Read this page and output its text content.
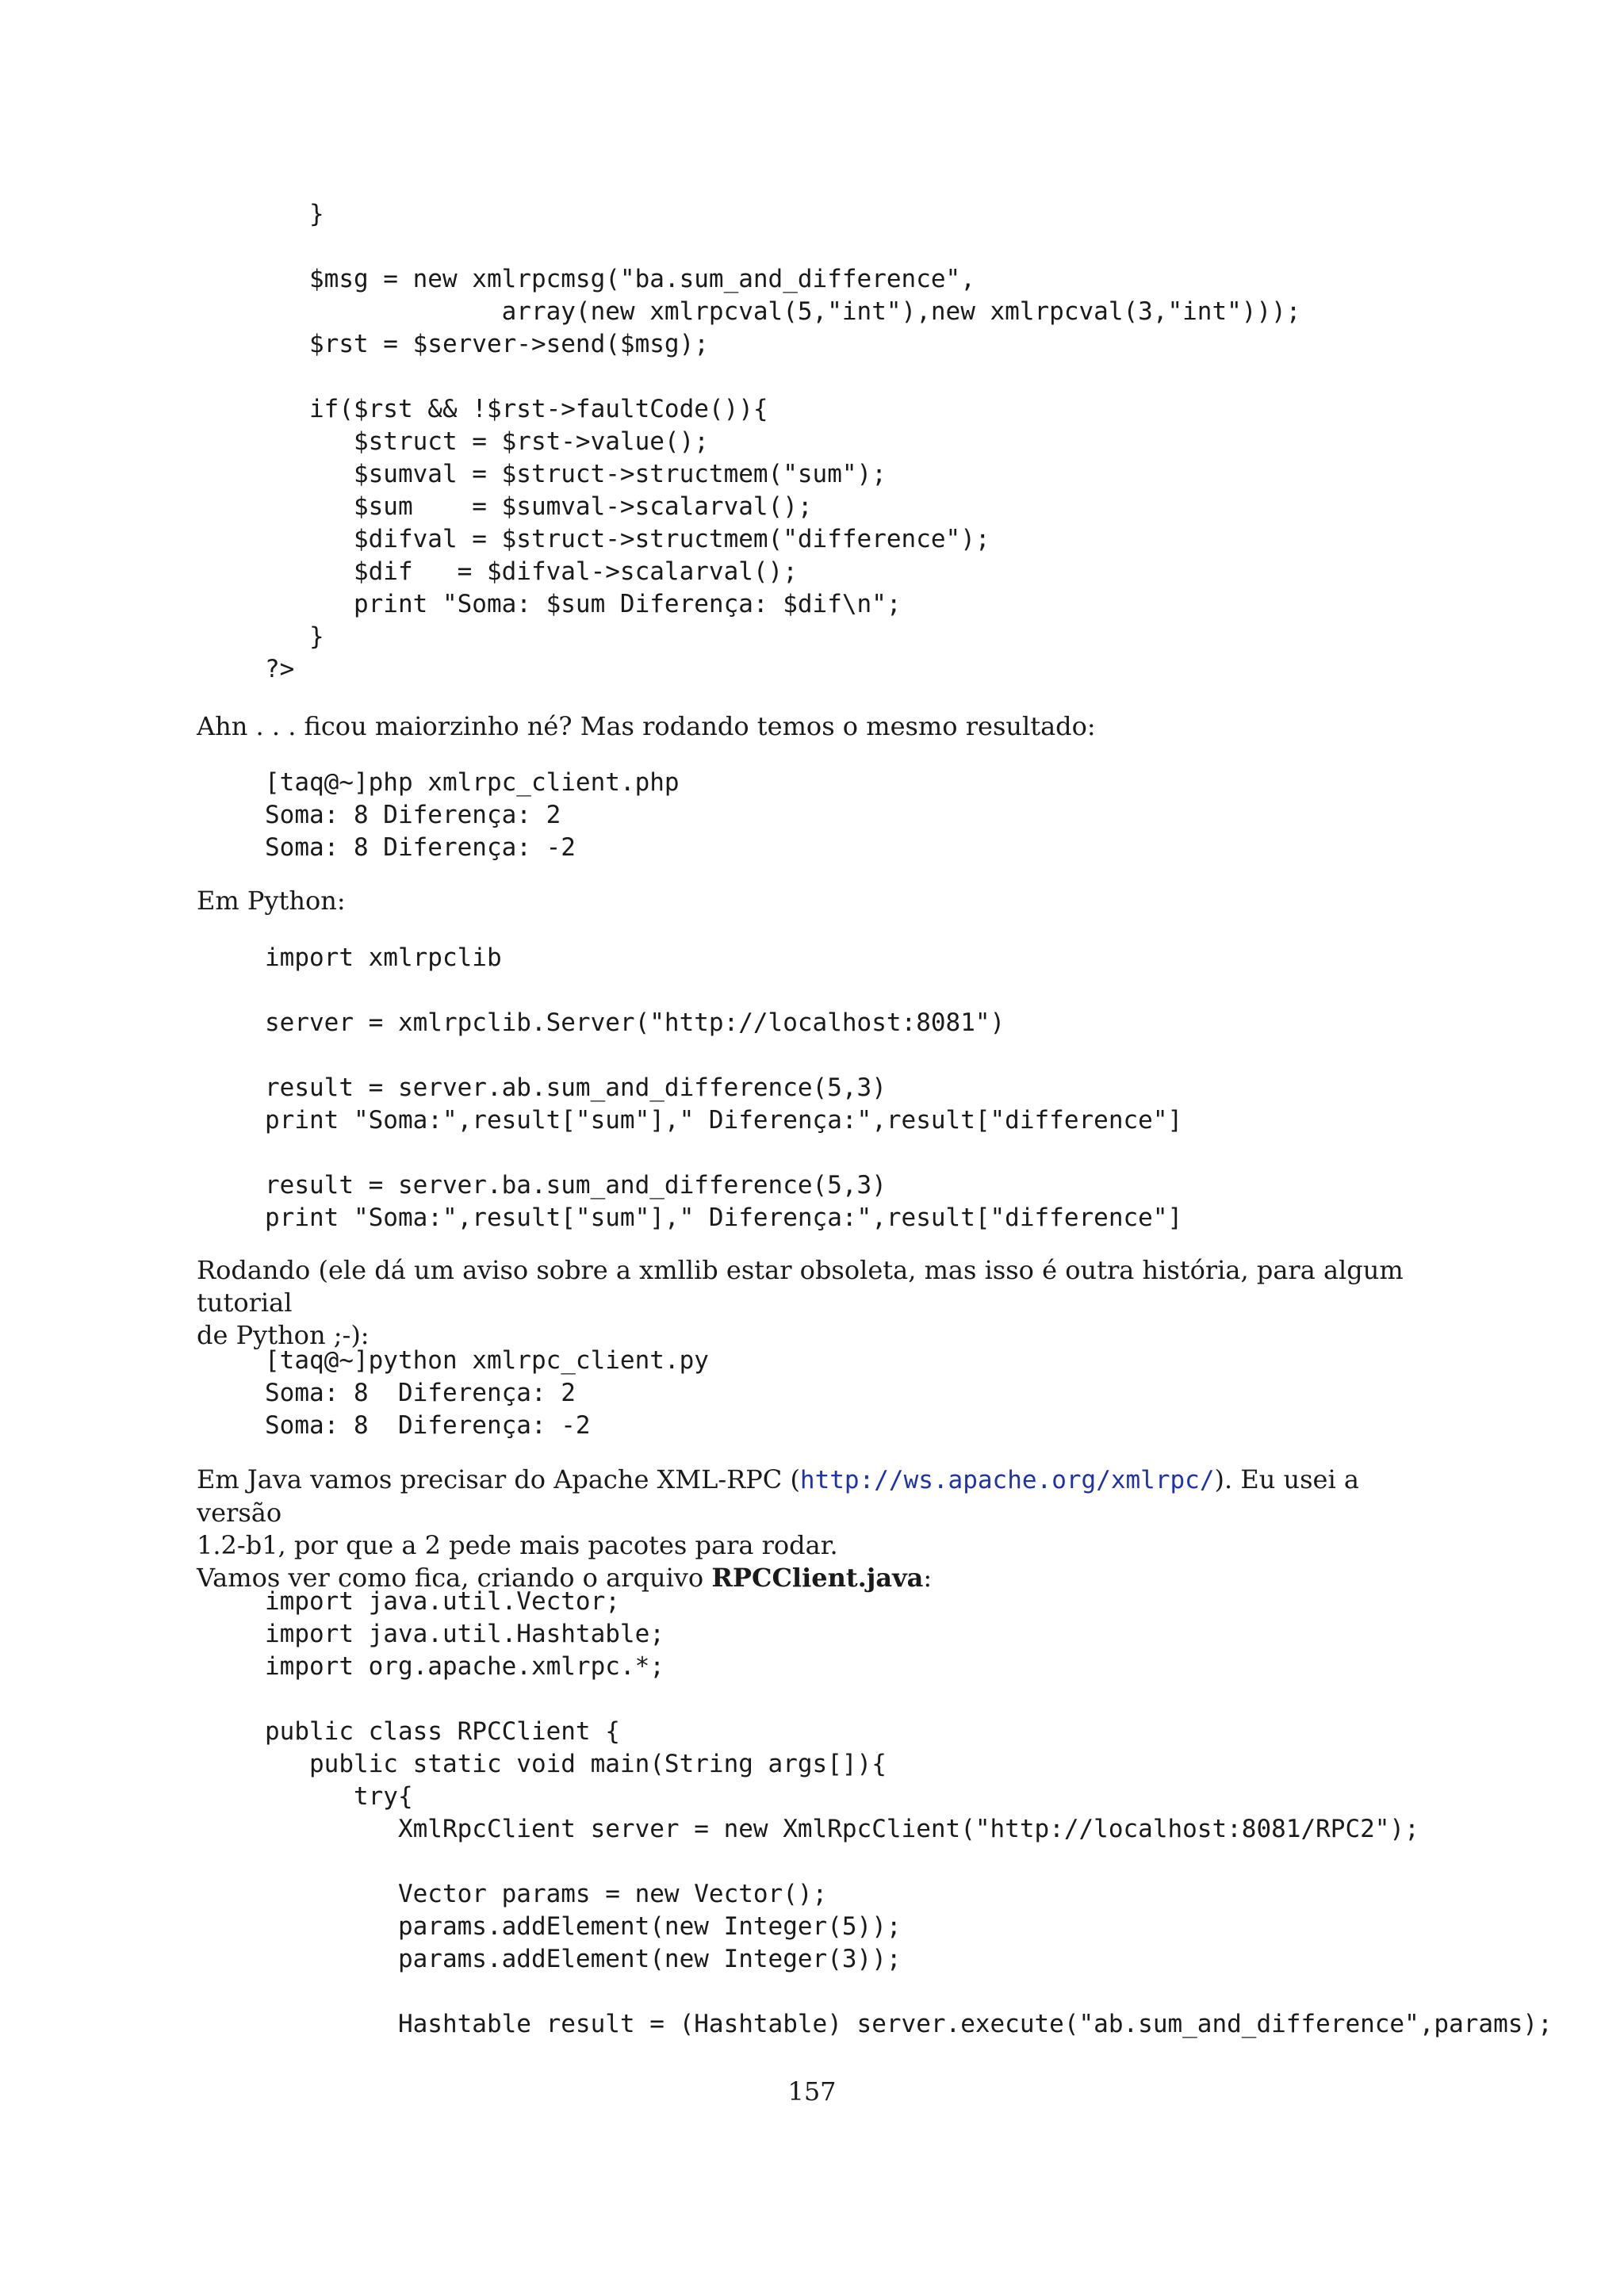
}
$msg = new xmlrpcmsg("ba.sum_and_difference",
array(new xmlrpcval(5,"int"),new xmlrpcval(3,"int")));
$rst = $server->send($msg);
if($rst && !$rst->faultCode()){
$struct = $rst->value();
$sumval = $struct->structmem("sum");
$sum    = $sumval->scalarval();
$difval = $struct->structmem("difference");
$dif   = $difval->scalarval();
print "Soma: $sum Diferença: $dif\n";
}
?>

Ahn . . . ficou maiorzinho né? Mas rodando temos o mesmo resultado:

[taq@~]php xmlrpc_client.php
Soma: 8 Diferença: 2
Soma: 8 Diferença: -2

Em Python:

import xmlrpclib
server = xmlrpclib.Server("http://localhost:8081")
result = server.ab.sum_and_difference(5,3)
print "Soma:",result["sum"]," Diferença:",result["difference"]
result = server.ba.sum_and_difference(5,3)
print "Soma:",result["sum"]," Diferença:",result["difference"]

Rodando (ele dá um aviso sobre a xmllib estar obsoleta, mas isso é outra história, para algum tutorial
de Python ;-):

[taq@~]python xmlrpc_client.py
Soma: 8  Diferença: 2
Soma: 8  Diferença: -2

Em Java vamos precisar do Apache XML-RPC (http://ws.apache.org/xmlrpc/). Eu usei a versão
1.2-b1, por que a 2 pede mais pacotes para rodar.
Vamos ver como fica, criando o arquivo RPCClient.java:

import java.util.Vector;
import java.util.Hashtable;
import org.apache.xmlrpc.*;
public class RPCClient {
public static void main(String args[]){
try{
XmlRpcClient server = new XmlRpcClient("http://localhost:8081/RPC2");
Vector params = new Vector();
params.addElement(new Integer(5));
params.addElement(new Integer(3));
Hashtable result = (Hashtable) server.execute("ab.sum_and_difference",params);
157
